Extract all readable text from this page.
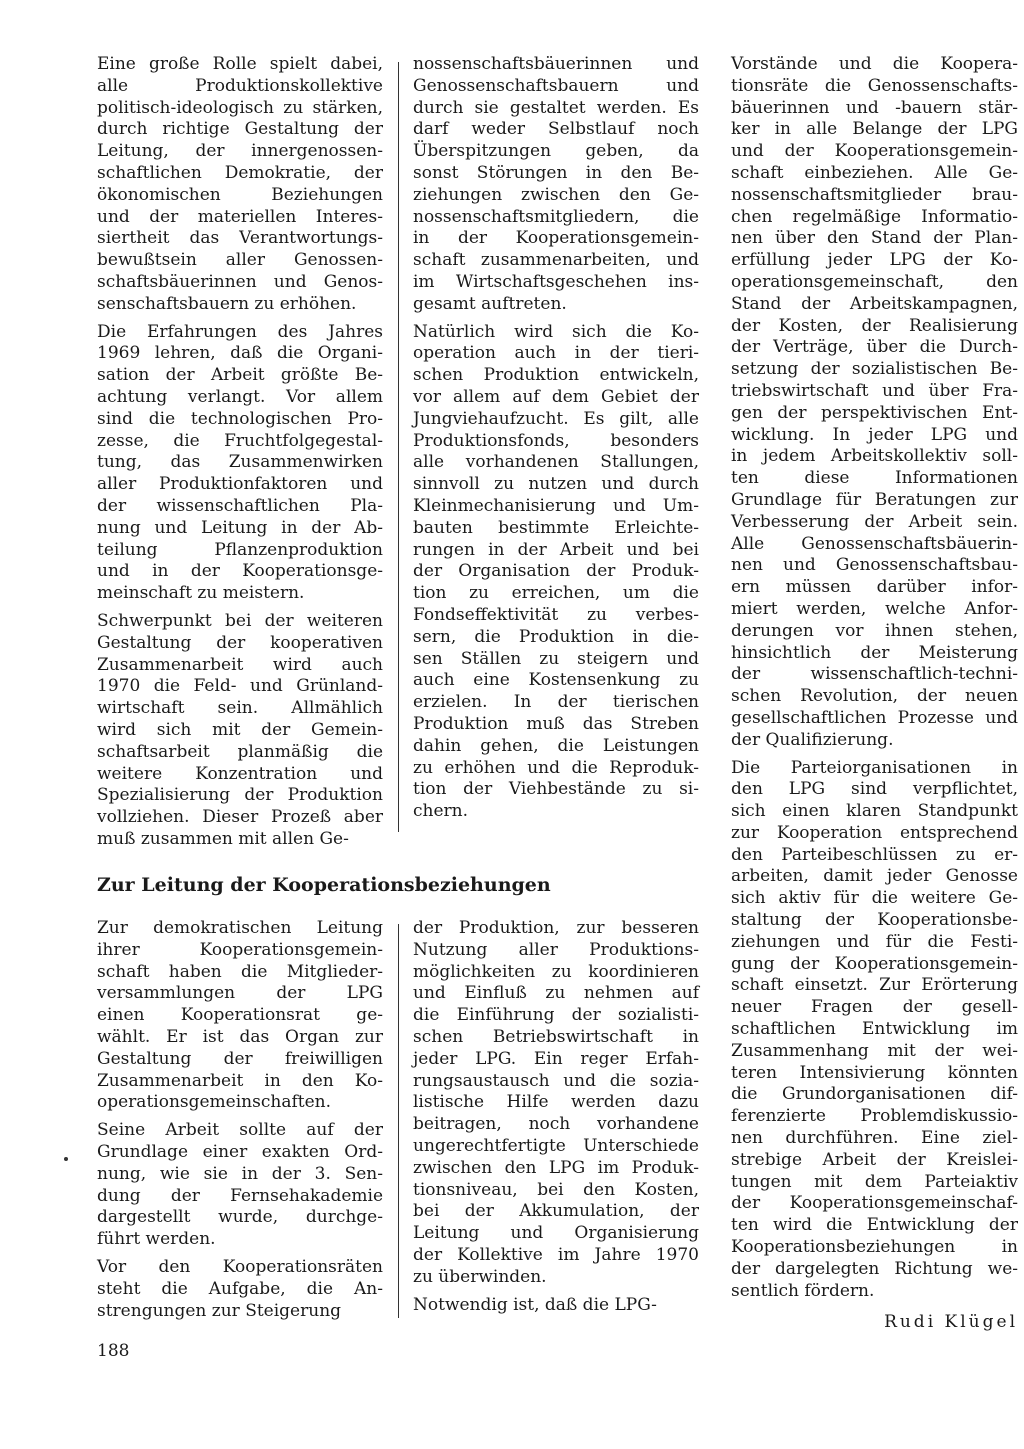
Eine große Rolle spielt dabei,
alle Produktionskollektive
politisch-ideologisch zu stärken,
durch richtige Gestaltung der
Leitung, der innergenossen-
schaftlichen Demokratie, der
ökonomischen Beziehungen
und der materiellen Interes-
siertheit das Verantwortungs-
bewußtsein aller Genossen-
schaftsbäuerinnen und Genos-
senschaftsbauern zu erhöhen.

Die Erfahrungen des Jahres
1969 lehren, daß die Organi-
sation der Arbeit größte Be-
achtung verlangt. Vor allem
sind die technologischen Pro-
zesse, die Fruchtfolgegestal-
tung, das Zusammenwirken
aller Produktionfaktoren und
der wissenschaftlichen Pla-
nung und Leitung in der Ab-
teilung Pflanzenproduktion
und in der Kooperationsge-
meinschaft zu meistern.

Schwerpunkt bei der weiteren
Gestaltung der kooperativen
Zusammenarbeit wird auch
1970 die Feld- und Grünland-
wirtschaft sein. Allmählich
wird sich mit der Gemein-
schaftsarbeit planmäßig die
weitere Konzentration und
Spezialisierung der Produktion
vollziehen. Dieser Prozeß aber
muß zusammen mit allen Ge-

nossenschaftsbäuerinnen und
Genossenschaftsbauern und
durch sie gestaltet werden. Es
darf weder Selbstlauf noch
Überspitzungen geben, da
sonst Störungen in den Be-
ziehungen zwischen den Ge-
nossenschaftsmitgliedern, die
in der Kooperationsgemein-
schaft zusammenarbeiten, und
im Wirtschaftsgeschehen ins-
gesamt auftreten.

Natürlich wird sich die Ko-
operation auch in der tieri-
schen Produktion entwickeln,
vor allem auf dem Gebiet der
Jungviehaufzucht. Es gilt, alle
Produktionsfonds, besonders
alle vorhandenen Stallungen,
sinnvoll zu nutzen und durch
Kleinmechanisierung und Um-
bauten bestimmte Erleichte-
rungen in der Arbeit und bei
der Organisation der Produk-
tion zu erreichen, um die
Fondseffektivität zu verbes-
sern, die Produktion in die-
sen Ställen zu steigern und
auch eine Kostensenkung zu
erzielen. In der tierischen
Produktion muß das Streben
dahin gehen, die Leistungen
zu erhöhen und die Reproduk-
tion der Viehbestände zu si-
chern.

Vorstände und die Koopera-
tionsräte die Genossenschafts-
bäuerinnen und -bauern stär-
ker in alle Belange der LPG
und der Kooperationsgemein-
schaft einbeziehen. Alle Ge-
nossenschaftsmitglieder brau-
chen regelmäßige Informatio-
nen über den Stand der Plan-
erfüllung jeder LPG der Ko-
operationsgemeinschaft, den
Stand der Arbeitskampagnen,
der Kosten, der Realisierung
der Verträge, über die Durch-
setzung der sozialistischen Be-
triebswirtschaft und über Fra-
gen der perspektivischen Ent-
wicklung. In jeder LPG und
in jedem Arbeitskollektiv soll-
ten diese Informationen
Grundlage für Beratungen zur
Verbesserung der Arbeit sein.
Alle Genossenschaftsbäuerin-
nen und Genossenschaftsbau-
ern müssen darüber infor-
miert werden, welche Anfor-
derungen vor ihnen stehen,
hinsichtlich der Meisterung
der wissenschaftlich-techni-
schen Revolution, der neuen
gesellschaftlichen Prozesse und
der Qualifizierung.

Die Parteiorganisationen in
den LPG sind verpflichtet,
sich einen klaren Standpunkt
zur Kooperation entsprechend
den Parteibeschlüssen zu er-
arbeiten, damit jeder Genosse
sich aktiv für die weitere Ge-
staltung der Kooperationsbe-
ziehungen und für die Festi-
gung der Kooperationsgemein-
schaft einsetzt. Zur Erörterung
neuer Fragen der gesell-
schaftlichen Entwicklung im
Zusammenhang mit der wei-
teren Intensivierung könnten
die Grundorganisationen dif-
ferenzierte Problemdiskussio-
nen durchführen. Eine ziel-
strebige Arbeit der Kreislei-
tungen mit dem Parteiaktiv
der Kooperationsgemeinschaf-
ten wird die Entwicklung der
Kooperationsbeziehungen in
der dargelegten Richtung we-
sentlich fördern.

Rudi Klügel

Zur Leitung der Kooperationsbeziehungen

Zur demokratischen Leitung
ihrer Kooperationsgemein-
schaft haben die Mitglieder-
versammlungen der LPG
einen Kooperationsrat ge-
wählt. Er ist das Organ zur
Gestaltung der freiwilligen
Zusammenarbeit in den Ko-
operationsgemeinschaften.

Seine Arbeit sollte auf der
Grundlage einer exakten Ord-
nung, wie sie in der 3. Sen-
dung der Fernsehakademie
dargestellt wurde, durchge-
führt werden.

Vor den Kooperationsräten
steht die Aufgabe, die An-
strengungen zur Steigerung

der Produktion, zur besseren
Nutzung aller Produktions-
möglichkeiten zu koordinieren
und Einfluß zu nehmen auf
die Einführung der sozialisti-
schen Betriebswirtschaft in
jeder LPG. Ein reger Erfah-
rungsaustausch und die sozia-
listische Hilfe werden dazu
beitragen, noch vorhandene
ungerechtfertigte Unterschiede
zwischen den LPG im Produk-
tionsniveau, bei den Kosten,
bei der Akkumulation, der
Leitung und Organisierung
der Kollektive im Jahre 1970
zu überwinden.

Notwendig ist, daß die LPG-

188
